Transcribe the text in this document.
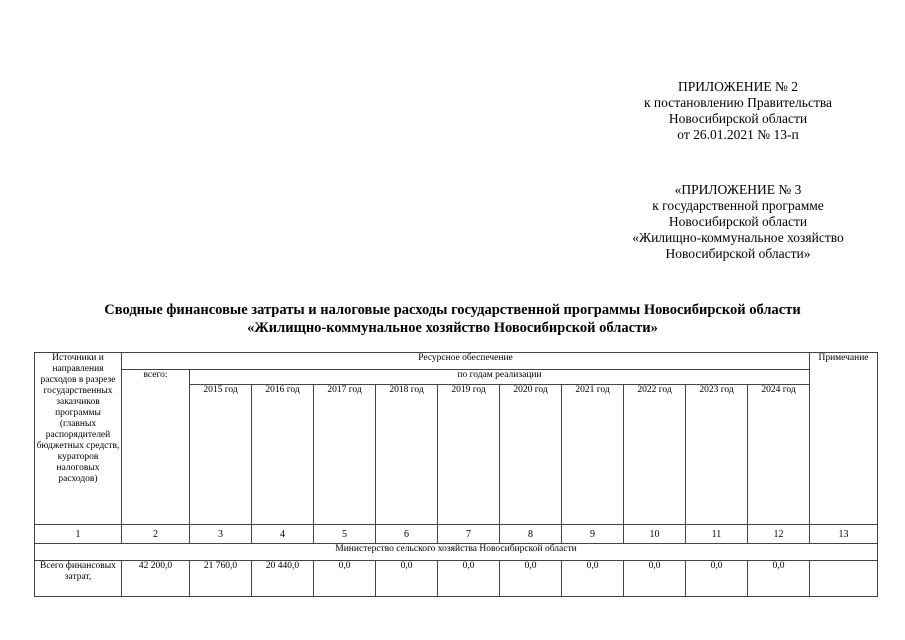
ПРИЛОЖЕНИЕ № 2
к постановлению Правительства
Новосибирской области
от 26.01.2021 № 13-п
«ПРИЛОЖЕНИЕ № 3
к государственной программе
Новосибирской области
«Жилищно-коммунальное хозяйство
Новосибирской области»
Сводные финансовые затраты и налоговые расходы государственной программы Новосибирской области
«Жилищно-коммунальное хозяйство Новосибирской области»
Источники и направления расходов в разрезе государственных заказчиков программы (главных распорядителей бюджетных средств, кураторов налоговых расходов)	Ресурсное обеспечение											Примечание
	всего:	по годам реализации										
		2015 год	2016 год	2017 год	2018 год	2019 год	2020 год	2021 год	2022 год	2023 год	2024 год	
1	2	3	4	5	6	7	8	9	10	11	12	13
Министерство сельского хозяйства Новосибирской области												
Всего финансовых затрат,	42 200,0	21 760,0	20 440,0	0,0	0,0	0,0	0,0	0,0	0,0	0,0	0,0	
